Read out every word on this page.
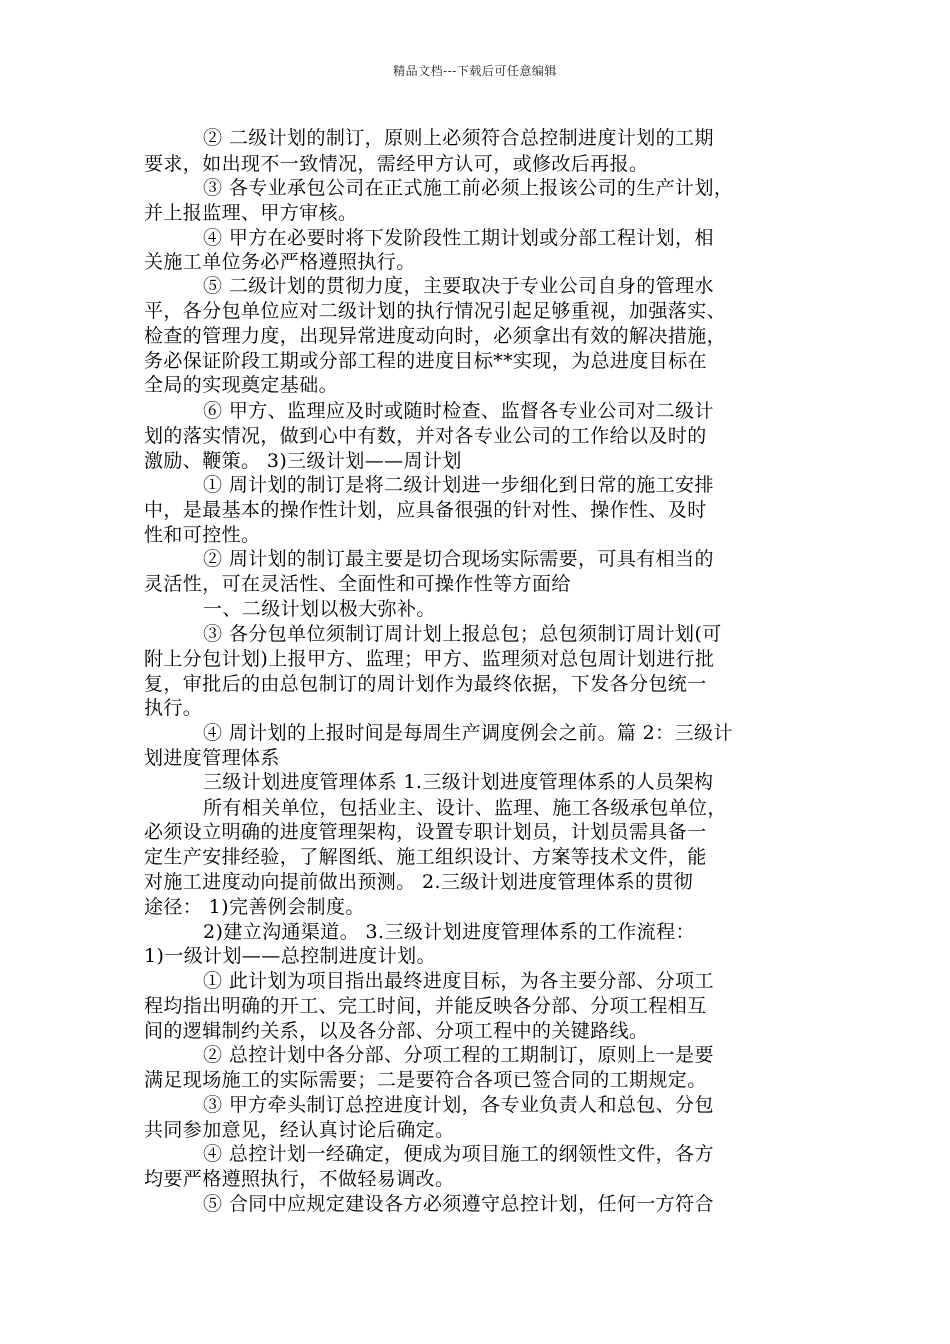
精品文档---下载后可任意编辑
② 二级计划的制订，原则上必须符合总控制进度计划的工期
要求，如出现不一致情况，需经甲方认可，或修改后再报。
③ 各专业承包公司在正式施工前必须上报该公司的生产计划，
并上报监理、甲方审核。
④ 甲方在必要时将下发阶段性工期计划或分部工程计划，相
关施工单位务必严格遵照执行。
⑤ 二级计划的贯彻力度，主要取决于专业公司自身的管理水
平，各分包单位应对二级计划的执行情况引起足够重视，加强落实、
检查的管理力度，出现异常进度动向时，必须拿出有效的解决措施，
务必保证阶段工期或分部工程的进度目标**实现，为总进度目标在
全局的实现奠定基础。
⑥ 甲方、监理应及时或随时检查、监督各专业公司对二级计
划的落实情况，做到心中有数，并对各专业公司的工作给以及时的
激励、鞭策。 3)三级计划——周计划
① 周计划的制订是将二级计划进一步细化到日常的施工安排
中，是最基本的操作性计划，应具备很强的针对性、操作性、及时
性和可控性。
② 周计划的制订最主要是切合现场实际需要，可具有相当的
灵活性，可在灵活性、全面性和可操作性等方面给
一、二级计划以极大弥补。
③ 各分包单位须制订周计划上报总包；总包须制订周计划(可
附上分包计划)上报甲方、监理；甲方、监理须对总包周计划进行批
复，审批后的由总包制订的周计划作为最终依据，下发各分包统一
执行。
④ 周计划的上报时间是每周生产调度例会之前。篇 2：三级计
划进度管理体系
三级计划进度管理体系 1.三级计划进度管理体系的人员架构
所有相关单位，包括业主、设计、监理、施工各级承包单位，
必须设立明确的进度管理架构，设置专职计划员，计划员需具备一
定生产安排经验，了解图纸、施工组织设计、方案等技术文件，能
对施工进度动向提前做出预测。 2.三级计划进度管理体系的贯彻
途径： 1)完善例会制度。
2)建立沟通渠道。 3.三级计划进度管理体系的工作流程：
1)一级计划——总控制进度计划。
① 此计划为项目指出最终进度目标，为各主要分部、分项工
程均指出明确的开工、完工时间，并能反映各分部、分项工程相互
间的逻辑制约关系，以及各分部、分项工程中的关键路线。
② 总控计划中各分部、分项工程的工期制订，原则上一是要
满足现场施工的实际需要；二是要符合各项已签合同的工期规定。
③ 甲方牵头制订总控进度计划，各专业负责人和总包、分包
共同参加意见，经认真讨论后确定。
④ 总控计划一经确定，便成为项目施工的纲领性文件，各方
均要严格遵照执行，不做轻易调改。
⑤ 合同中应规定建设各方必须遵守总控计划，任何一方符合
